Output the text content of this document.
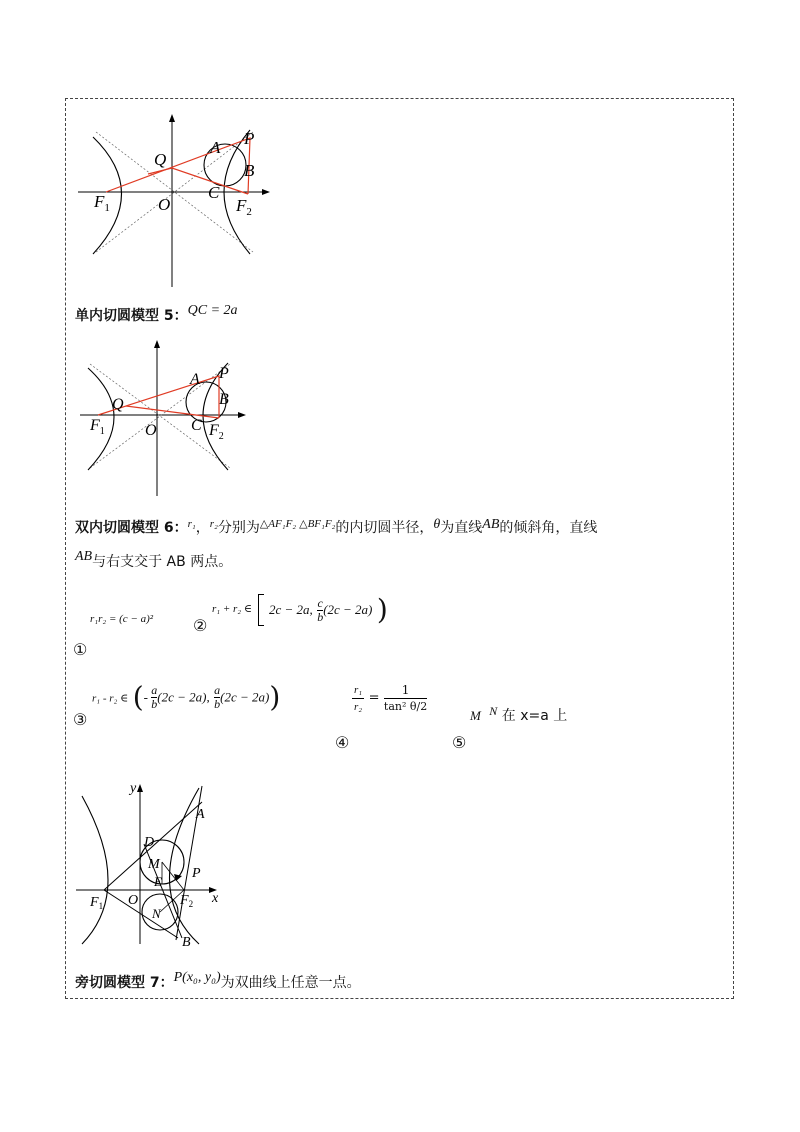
P
Q
A
B
C
$F_1$	O	$F_2$
单内切圆模型 5：QC = 2a
A P
B
Q
$F_1$	O C $F_2$
双内切圆模型 6：$^{r_1}$，$^{r_2}$分别为$^{\triangle AF_1F_2}$ $^{\triangle BF_1F_2}$的内切圆半径，θ为直线AB的倾斜角，直线
AB与右支交于 AB 两点。
r₁r₂ = (c − a)²
①
②
r₁ + r₂ ∈ 2c − 2a, $\frac{c}{b} (2c - 2a)$ )
③
r₁ - r₂ ∈ (- $\frac{a}{b} (2c - 2a)$, $\frac{a}{b} (2c - 2a)$)	$\frac{\text{r₁}}{\text{r₂}} = \frac{1}{\text{tan² θ/2}}$
④
M N 在 x=a 上
⑤
y
A
D
M
P
E
$F_1$ O	$F_2$ x
N
B
旁切圆模型 7：P(x₀, y₀)为双曲线上任意一点。
